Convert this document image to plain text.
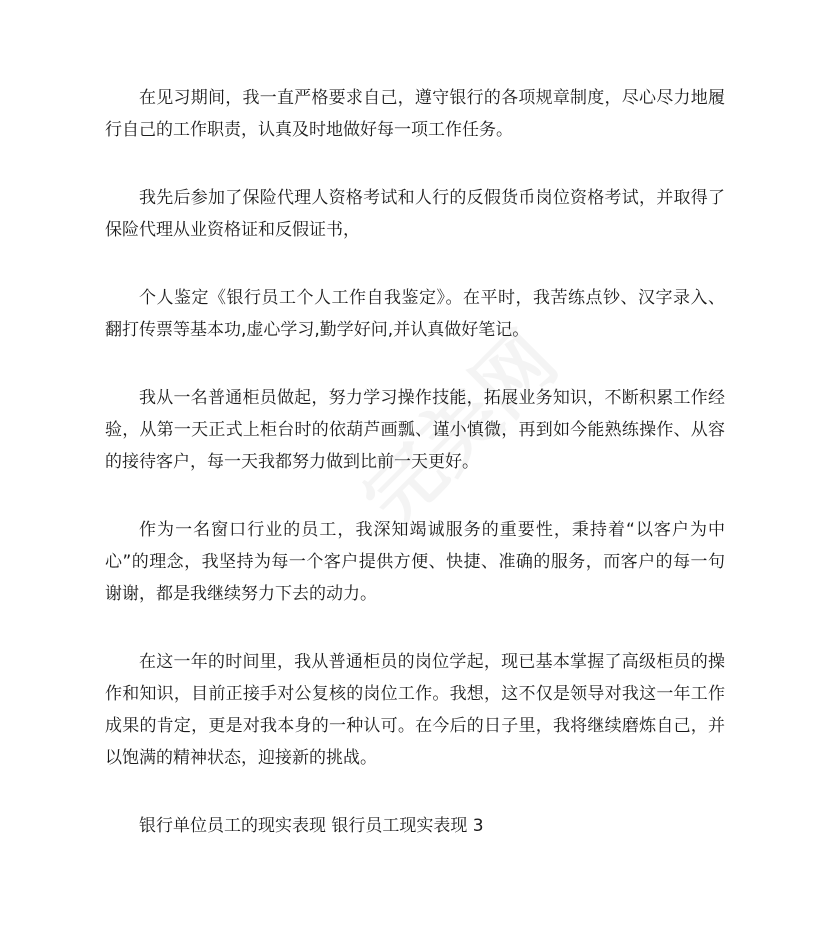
在见习期间，我一直严格要求自己，遵守银行的各项规章制度，尽心尽力地履行自己的工作职责，认真及时地做好每一项工作任务。

我先后参加了保险代理人资格考试和人行的反假货币岗位资格考试，并取得了保险代理从业资格证和反假证书，

个人鉴定《银行员工个人工作自我鉴定》。在平时，我苦练点钞、汉字录入、翻打传票等基本功,虚心学习,勤学好问,并认真做好笔记。

我从一名普通柜员做起，努力学习操作技能，拓展业务知识，不断积累工作经验，从第一天正式上柜台时的依葫芦画瓢、谨小慎微，再到如今能熟练操作、从容的接待客户，每一天我都努力做到比前一天更好。

作为一名窗口行业的员工，我深知竭诚服务的重要性，秉持着“以客户为中心”的理念，我坚持为每一个客户提供方便、快捷、准确的服务，而客户的每一句谢谢，都是我继续努力下去的动力。

在这一年的时间里，我从普通柜员的岗位学起，现已基本掌握了高级柜员的操作和知识，目前正接手对公复核的岗位工作。我想，这不仅是领导对我这一年工作成果的肯定，更是对我本身的一种认可。在今后的日子里，我将继续磨炼自己，并以饱满的精神状态，迎接新的挑战。

银行单位员工的现实表现 银行员工现实表现 3
